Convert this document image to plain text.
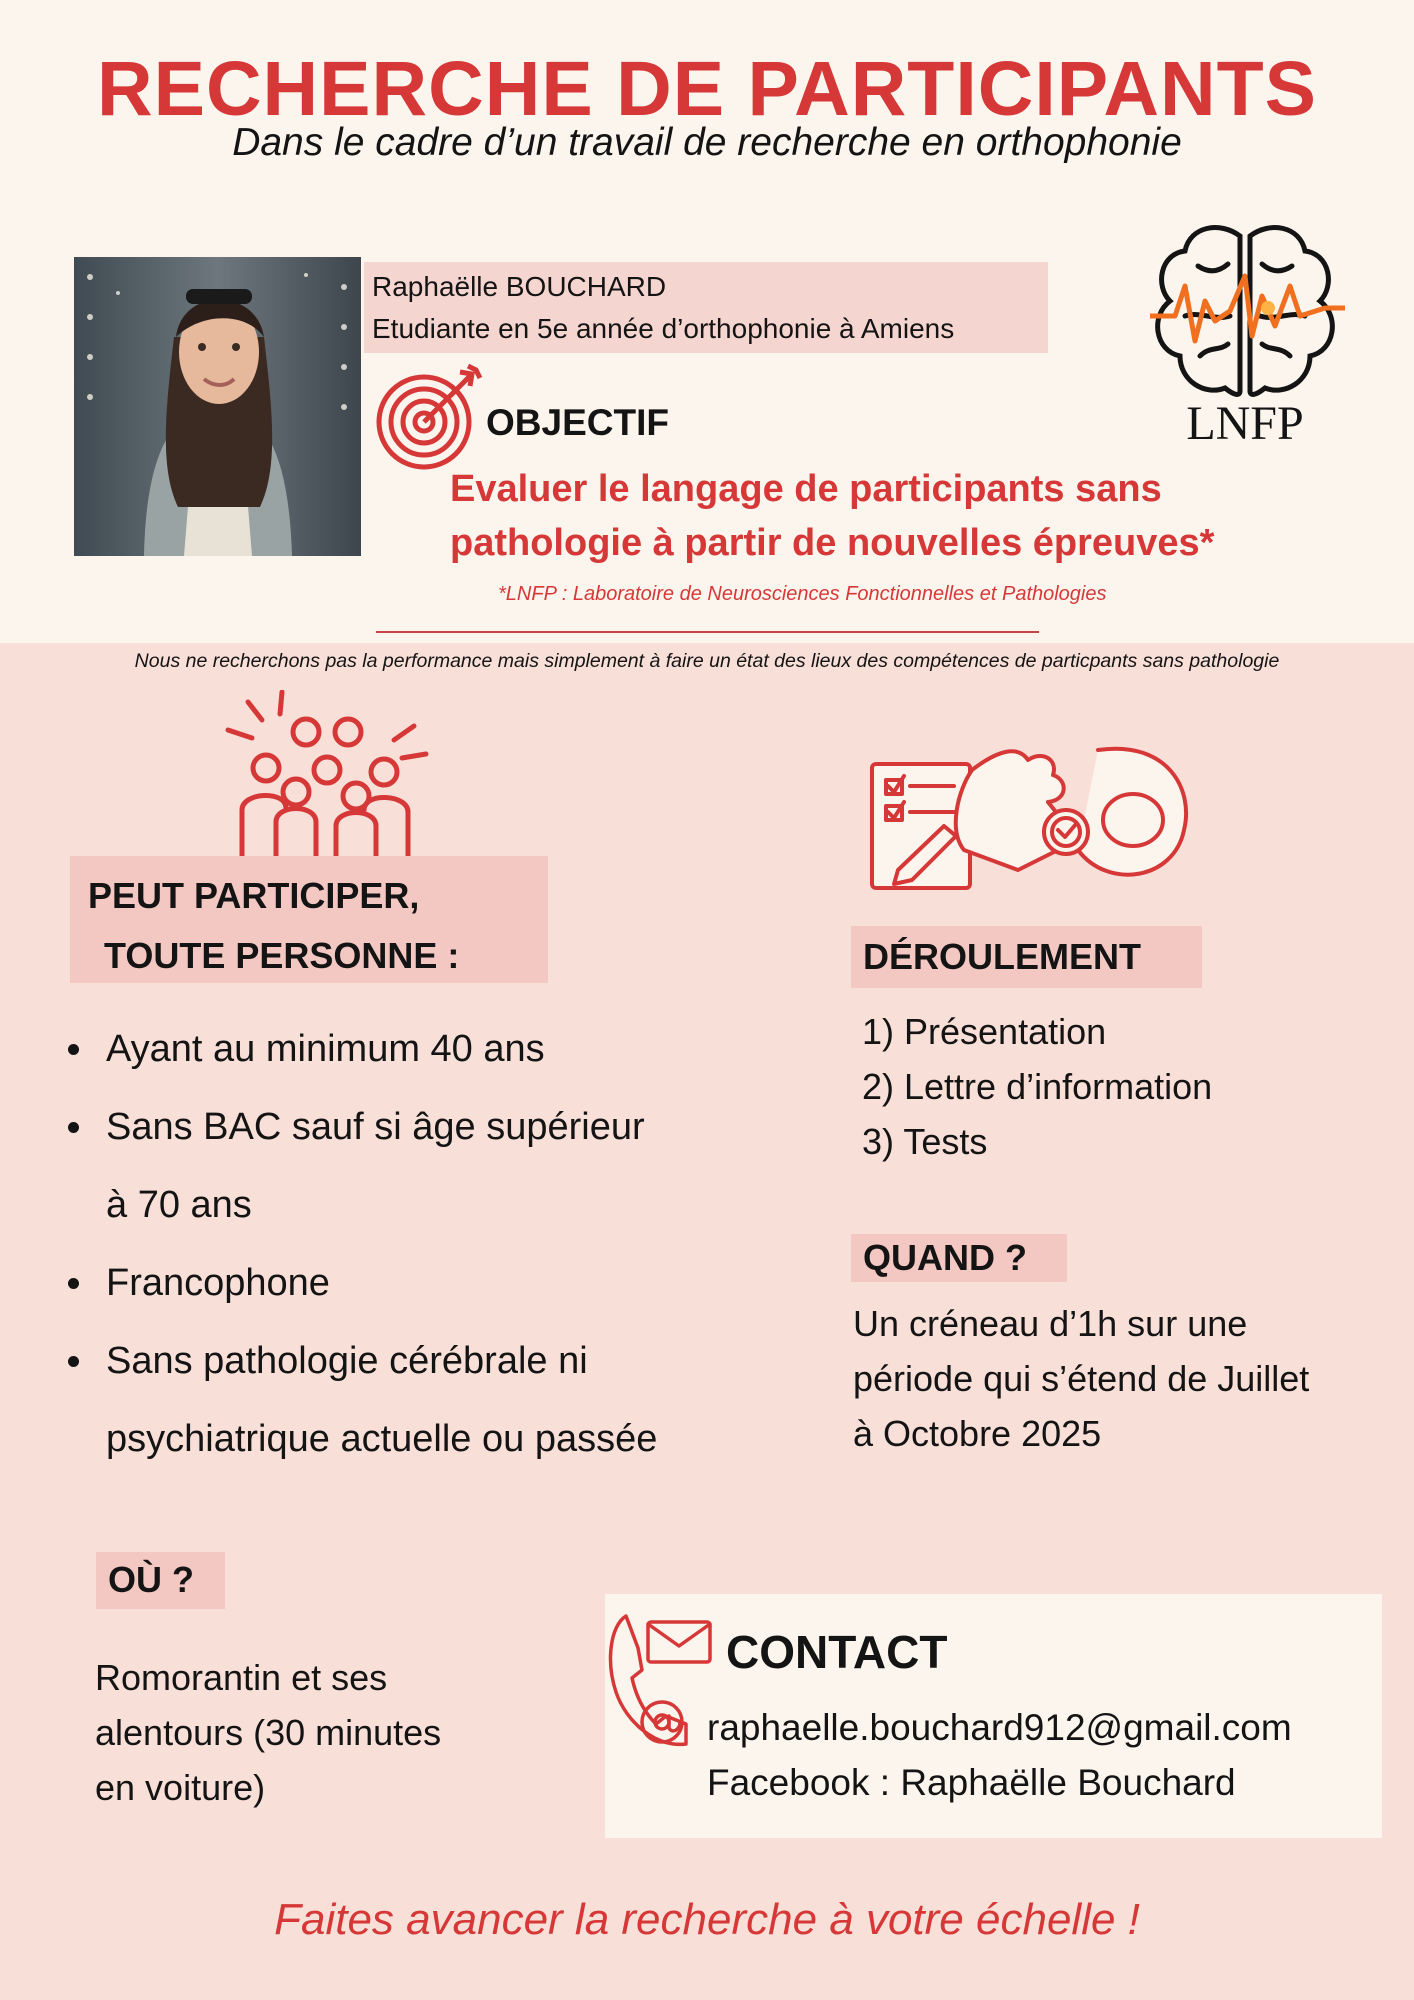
RECHERCHE DE PARTICIPANTS
Dans le cadre d’un travail de recherche en orthophonie
Raphaëlle BOUCHARD
Etudiante en 5e année d’orthophonie à Amiens
LNFP
OBJECTIF
Evaluer le langage de participants sans
pathologie à partir de nouvelles épreuves*
*LNFP : Laboratoire de Neurosciences Fonctionnelles et Pathologies
Nous ne recherchons pas la performance mais simplement à faire un état des lieux des compétences de particpants sans pathologie
PEUT PARTICIPER,
TOUTE PERSONNE :
Ayant au minimum 40 ans
Sans BAC sauf si âge supérieur
à 70 ans
Francophone
Sans pathologie cérébrale ni
psychiatrique actuelle ou passée
DÉROULEMENT
1) Présentation
2) Lettre d’information
3) Tests
QUAND ?
Un créneau d’1h sur une
période qui s’étend de Juillet
à Octobre 2025
OÙ ?
Romorantin et ses
alentours (30 minutes
en voiture)
CONTACT
raphaelle.bouchard912@gmail.com
Facebook : Raphaëlle Bouchard
Faites avancer la recherche à votre échelle !
